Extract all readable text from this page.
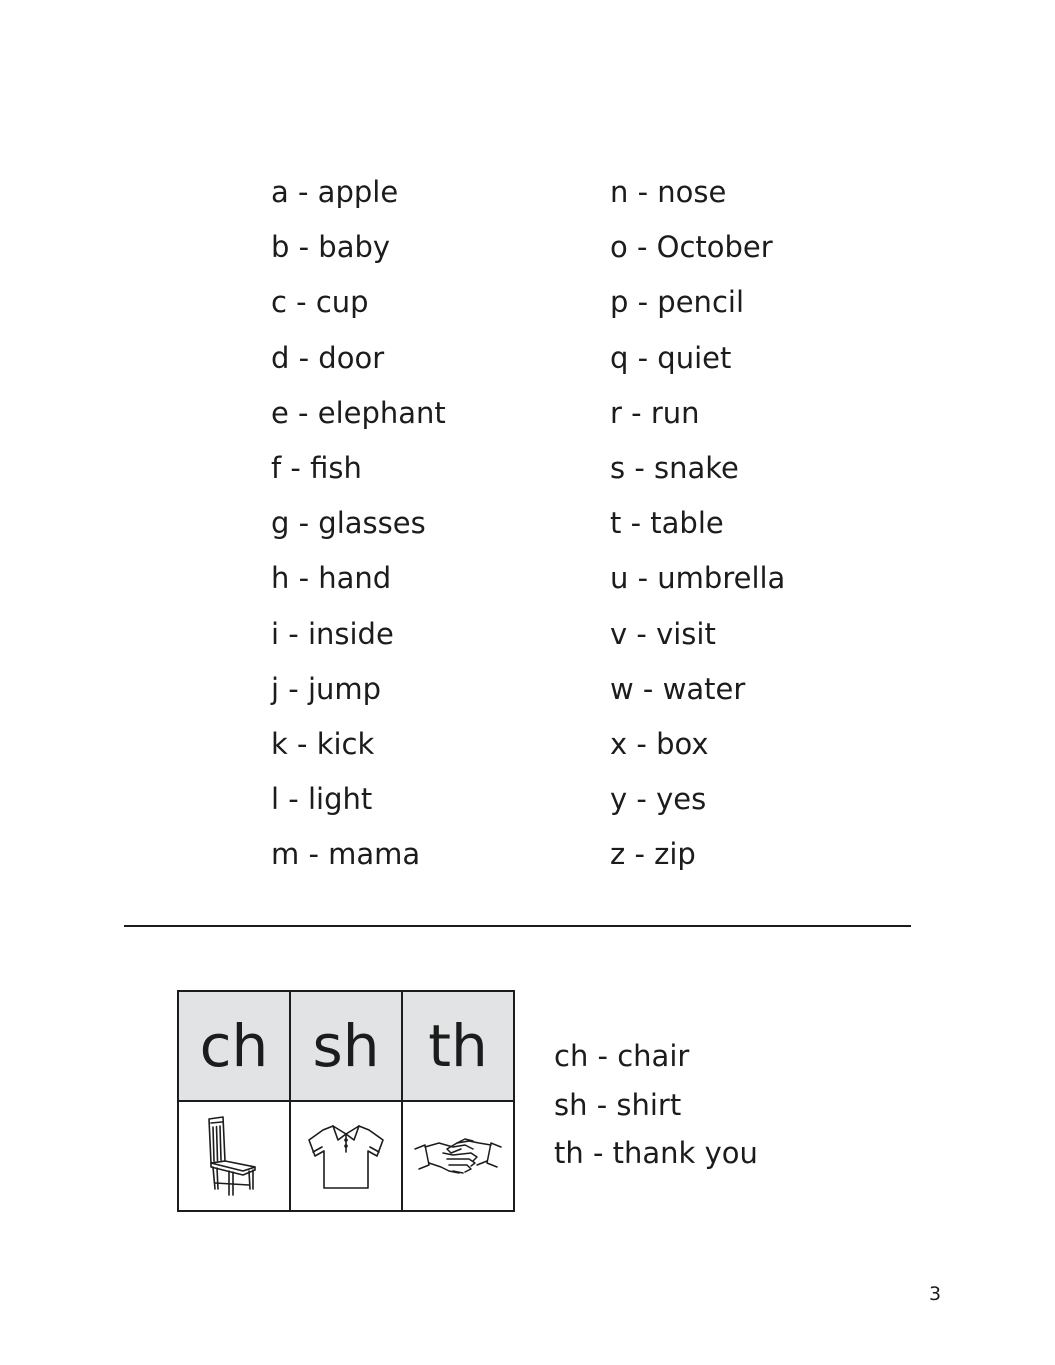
a - apple
b - baby
c - cup
d - door
e - elephant
f - fish
g - glasses
h - hand
i - inside
j - jump
k - kick
l - light
m - mama
n - nose
o - October
p - pencil
q - quiet
r - run
s - snake
t - table
u - umbrella
v - visit
w - water
x - box
y - yes
z - zip
ch	sh	th

	ch - chair
sh - shirt
th - thank you
3
